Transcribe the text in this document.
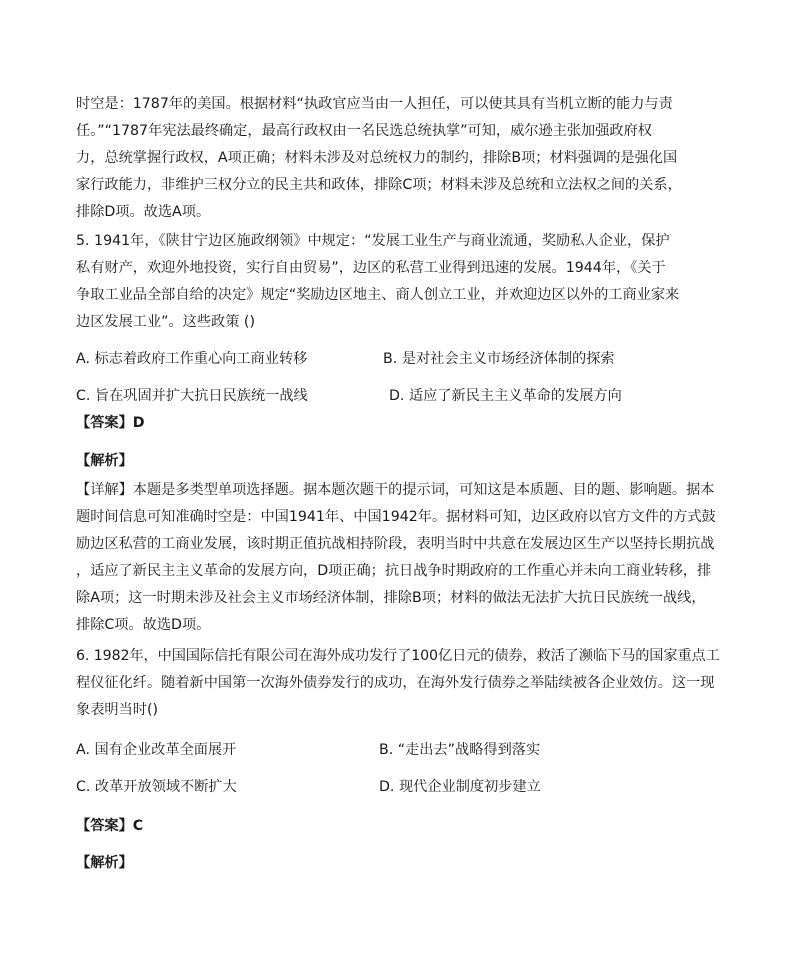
时空是：1787年的美国。根据材料“执政官应当由一人担任，可以使其具有当机立断的能力与责
任。”“1787年宪法最终确定，最高行政权由一名民选总统执掌”可知，威尔逊主张加强政府权
力，总统掌握行政权，A项正确；材料未涉及对总统权力的制约，排除B项；材料强调的是强化国
家行政能力，非维护三权分立的民主共和政体，排除C项；材料未涉及总统和立法权之间的关系，
排除D项。故选A项。
5. 1941年，《陕甘宁边区施政纲领》中规定：“发展工业生产与商业流通，奖励私人企业，保护
私有财产，欢迎外地投资，实行自由贸易”，边区的私营工业得到迅速的发展。1944年，《关于
争取工业品全部自给的决定》规定“奖励边区地主、商人创立工业，并欢迎边区以外的工商业家来
边区发展工业”。这些政策 ()
A. 标志着政府工作重心向工商业转移	B. 是对社会主义市场经济体制的探索
C. 旨在巩固并扩大抗日民族统一战线	D. 适应了新民主主义革命的发展方向
【答案】D
【解析】
【详解】本题是多类型单项选择题。据本题次题干的提示词，可知这是本质题、目的题、影响题。据本
题时间信息可知准确时空是：中国1941年、中国1942年。据材料可知，边区政府以官方文件的方式鼓
励边区私营的工商业发展，该时期正值抗战相持阶段，表明当时中共意在发展边区生产以坚持长期抗战
，适应了新民主主义革命的发展方向，D项正确；抗日战争时期政府的工作重心并未向工商业转移，排
除A项；这一时期未涉及社会主义市场经济体制，排除B项；材料的做法无法扩大抗日民族统一战线，
排除C项。故选D项。
6. 1982年，中国国际信托有限公司在海外成功发行了100亿日元的债券，救活了濒临下马的国家重点工
程仪征化纤。随着新中国第一次海外债券发行的成功，在海外发行债券之举陆续被各企业效仿。这一现
象表明当时()
A. 国有企业改革全面展开	B. “走出去”战略得到落实
C. 改革开放领域不断扩大	D. 现代企业制度初步建立
【答案】C
【解析】
